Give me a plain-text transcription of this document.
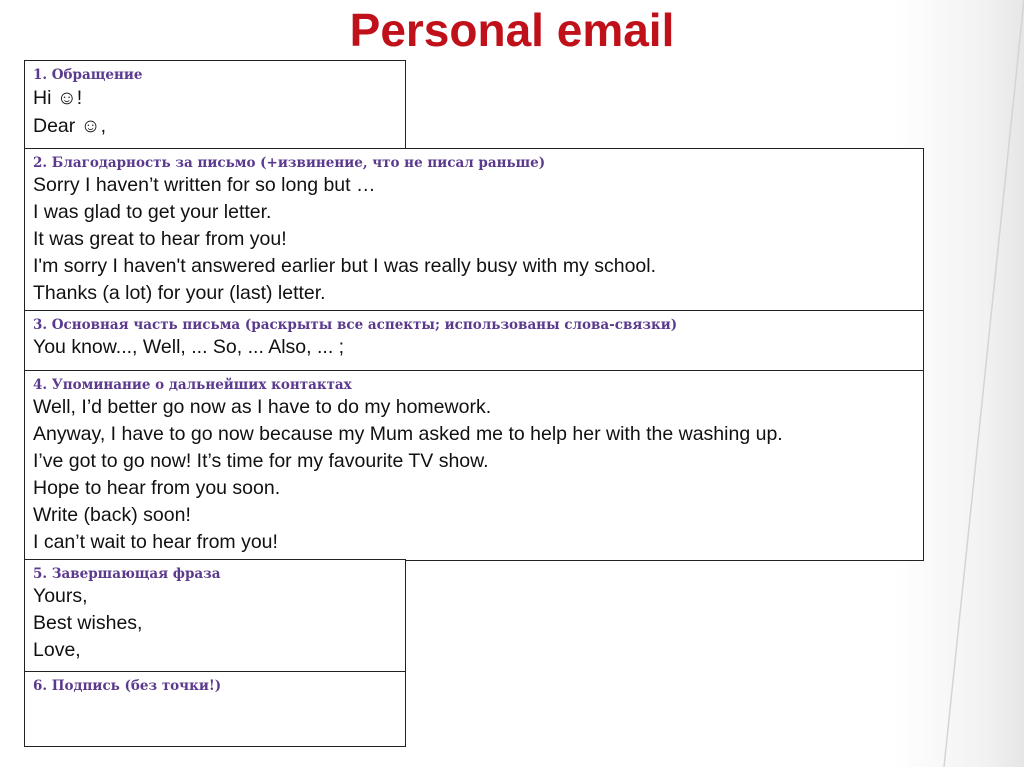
Personal email
1. Обращение
Hi ☺!
Dear ☺,
2. Благодарность за письмо (+извинение, что не писал раньше)
Sorry I haven’t written for so long but …
I was glad to get your letter.
It was great to hear from you!
I'm sorry I haven't answered earlier but I was really busy with my school.
Thanks (a lot) for your (last) letter.
3. Основная часть письма (раскрыты все аспекты; использованы слова-связки)
You know..., Well, ... So, ... Also, ... ;
4. Упоминание о дальнейших контактах
Well, I’d better go now as I have to do my homework.
Anyway, I have to go now because my Mum asked me to help her with the washing up.
I’ve got to go now! It’s time for my favourite TV show.
Hope to hear from you soon.
Write (back) soon!
I can’t wait to hear from you!
5. Завершающая фраза
Yours,
Best wishes,
Love,
6. Подпись (без точки!)
